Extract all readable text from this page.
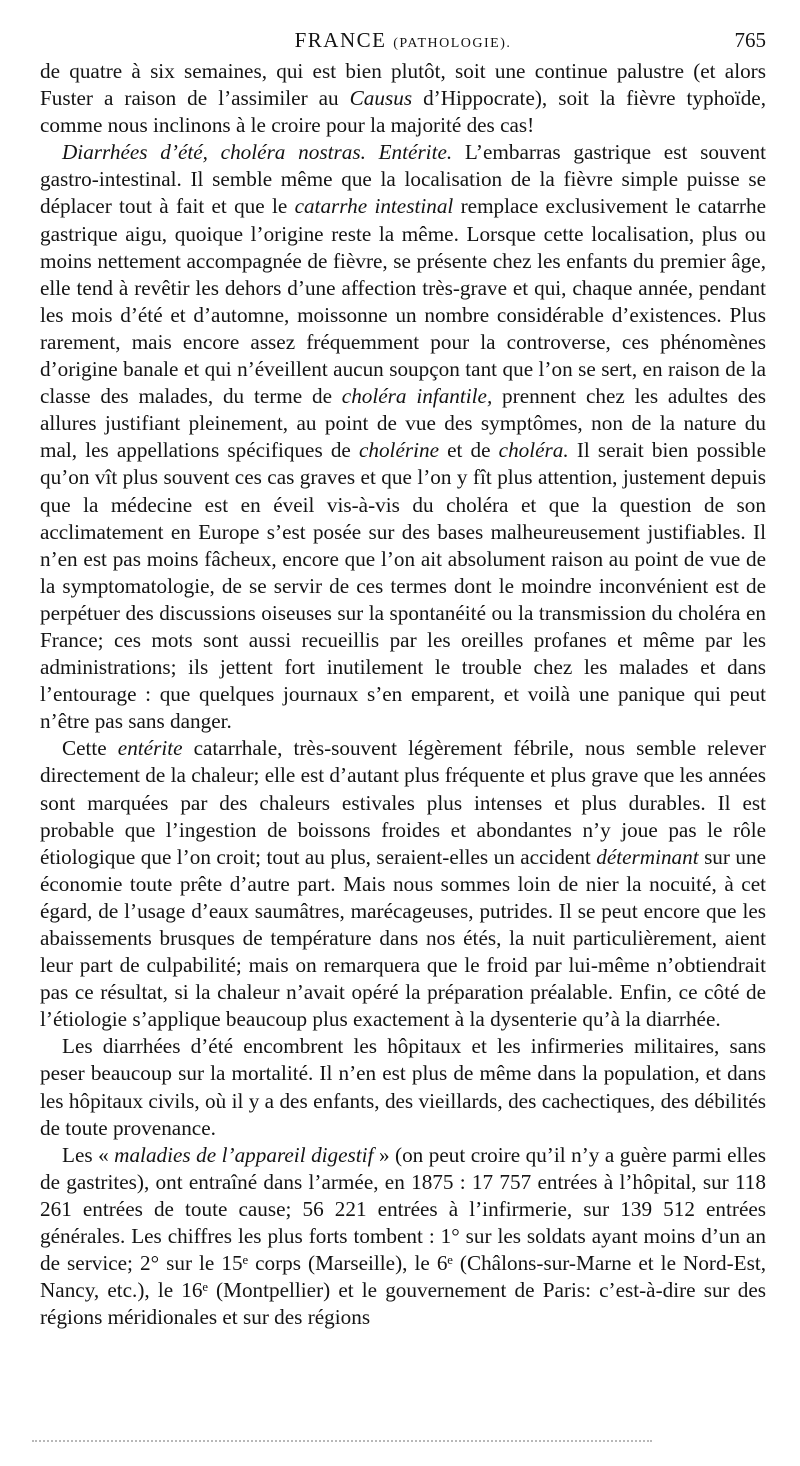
FRANCE (PATHOLOGIE).	765

de quatre à six semaines, qui est bien plutôt, soit une continue palustre (et alors Fuster a raison de l’assimiler au Causus d’Hippocrate), soit la fièvre typhoïde, comme nous inclinons à le croire pour la majorité des cas!

Diarrhées d’été, choléra nostras. Entérite. L’embarras gastrique est souvent gastro-intestinal. Il semble même que la localisation de la fièvre simple puisse se déplacer tout à fait et que le catarrhe intestinal remplace exclusivement le catarrhe gastrique aigu, quoique l’origine reste la même. Lorsque cette localisation, plus ou moins nettement accompagnée de fièvre, se présente chez les enfants du premier âge, elle tend à revêtir les dehors d’une affection très-grave et qui, chaque année, pendant les mois d’été et d’automne, moissonne un nombre considérable d’existences. Plus rarement, mais encore assez fréquemment pour la controverse, ces phénomènes d’origine banale et qui n’éveillent aucun soupçon tant que l’on se sert, en raison de la classe des malades, du terme de choléra infantile, prennent chez les adultes des allures justifiant pleinement, au point de vue des symptômes, non de la nature du mal, les appellations spécifiques de cholérine et de choléra. Il serait bien possible qu’on vît plus souvent ces cas graves et que l’on y fît plus attention, justement depuis que la médecine est en éveil vis-à-vis du choléra et que la question de son acclimatement en Europe s’est posée sur des bases malheureusement justifiables. Il n’en est pas moins fâcheux, encore que l’on ait absolument raison au point de vue de la symptomatologie, de se servir de ces termes dont le moindre inconvénient est de perpétuer des discussions oiseuses sur la spontanéité ou la transmission du choléra en France; ces mots sont aussi recueillis par les oreilles profanes et même par les administrations; ils jettent fort inutilement le trouble chez les malades et dans l’entourage : que quelques journaux s’en emparent, et voilà une panique qui peut n’être pas sans danger.

Cette entérite catarrhale, très-souvent légèrement fébrile, nous semble relever directement de la chaleur; elle est d’autant plus fréquente et plus grave que les années sont marquées par des chaleurs estivales plus intenses et plus durables. Il est probable que l’ingestion de boissons froides et abondantes n’y joue pas le rôle étiologique que l’on croit; tout au plus, seraient-elles un accident déterminant sur une économie toute prête d’autre part. Mais nous sommes loin de nier la nocuité, à cet égard, de l’usage d’eaux saumâtres, marécageuses, putrides. Il se peut encore que les abaissements brusques de température dans nos étés, la nuit particulièrement, aient leur part de culpabilité; mais on remarquera que le froid par lui-même n’obtiendrait pas ce résultat, si la chaleur n’avait opéré la préparation préalable. Enfin, ce côté de l’étiologie s’applique beaucoup plus exactement à la dysenterie qu’à la diarrhée.

Les diarrhées d’été encombrent les hôpitaux et les infirmeries militaires, sans peser beaucoup sur la mortalité. Il n’en est plus de même dans la population, et dans les hôpitaux civils, où il y a des enfants, des vieillards, des cachectiques, des débilités de toute provenance.

Les « maladies de l’appareil digestif » (on peut croire qu’il n’y a guère parmi elles de gastrites), ont entraîné dans l’armée, en 1875 : 17 757 entrées à l’hôpital, sur 118 261 entrées de toute cause; 56 221 entrées à l’infirmerie, sur 139 512 entrées générales. Les chiffres les plus forts tombent : 1° sur les soldats ayant moins d’un an de service; 2° sur le 15ᵉ corps (Marseille), le 6ᵉ (Châlons-sur-Marne et le Nord-Est, Nancy, etc.), le 16ᵉ (Montpellier) et le gouvernement de Paris: c’est-à-dire sur des régions méridionales et sur des régions
